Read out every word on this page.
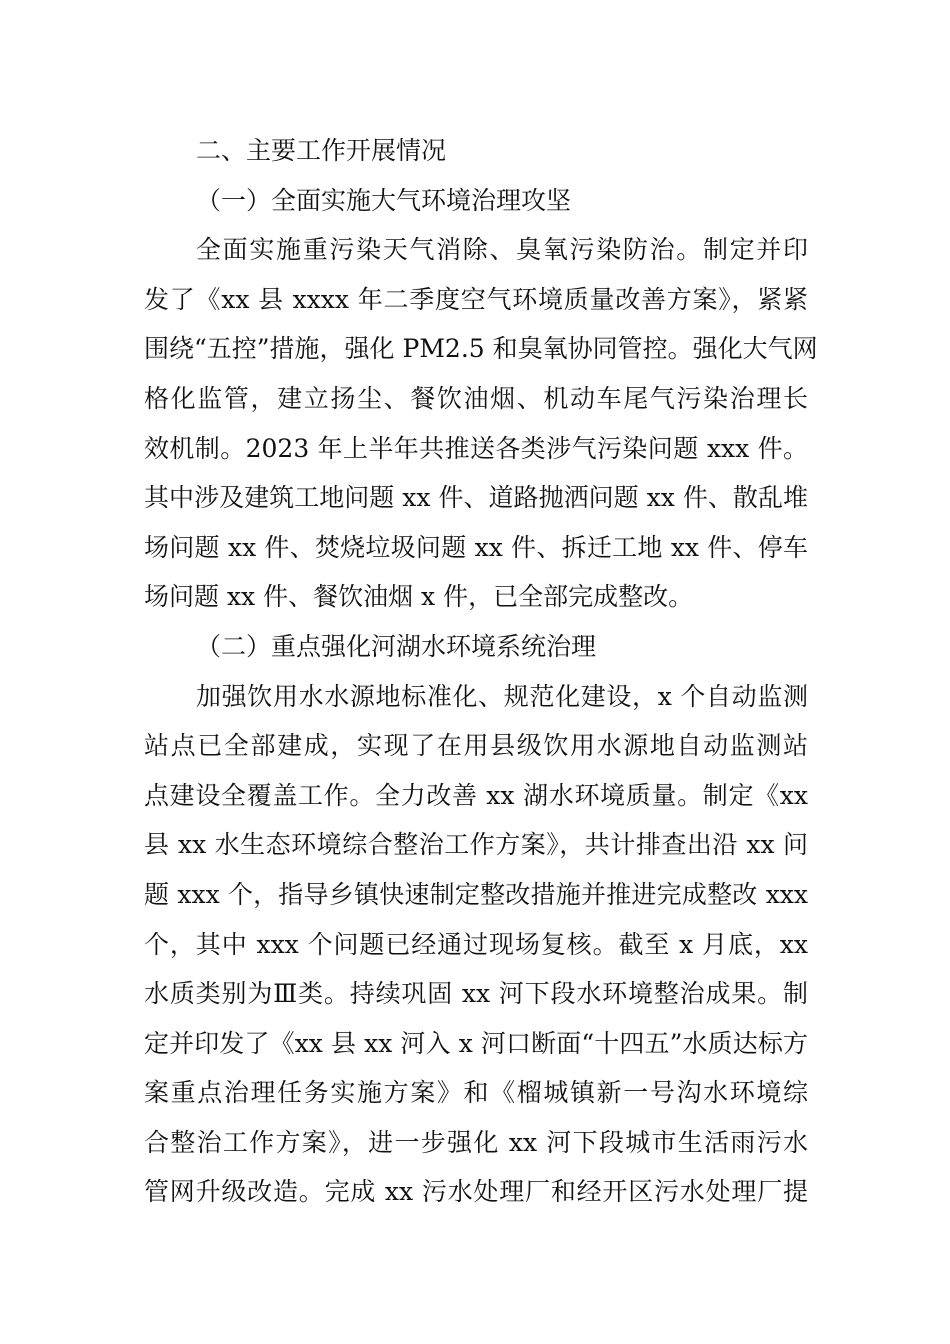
二、主要工作开展情况
（一）全面实施大气环境治理攻坚
全面实施重污染天气消除、臭氧污染防治。制定并印
发了《xx 县 xxxx 年二季度空气环境质量改善方案》，紧紧
围绕“五控”措施，强化 PM2.5 和臭氧协同管控。强化大气网
格化监管，建立扬尘、餐饮油烟、机动车尾气污染治理长
效机制。2023 年上半年共推送各类涉气污染问题 xxx 件。
其中涉及建筑工地问题 xx 件、道路抛洒问题 xx 件、散乱堆
场问题 xx 件、焚烧垃圾问题 xx 件、拆迁工地 xx 件、停车
场问题 xx 件、餐饮油烟 x 件，已全部完成整改。
（二）重点强化河湖水环境系统治理
加强饮用水水源地标准化、规范化建设，x 个自动监测
站点已全部建成，实现了在用县级饮用水源地自动监测站
点建设全覆盖工作。全力改善 xx 湖水环境质量。制定《xx
县 xx 水生态环境综合整治工作方案》，共计排查出沿 xx 问
题 xxx 个，指导乡镇快速制定整改措施并推进完成整改 xxx
个，其中 xxx 个问题已经通过现场复核。截至 x 月底，xx
水质类别为Ⅲ类。持续巩固 xx 河下段水环境整治成果。制
定并印发了《xx 县 xx 河入 x 河口断面“十四五”水质达标方
案重点治理任务实施方案》和《榴城镇新一号沟水环境综
合整治工作方案》，进一步强化 xx 河下段城市生活雨污水
管网升级改造。完成 xx 污水处理厂和经开区污水处理厂提
